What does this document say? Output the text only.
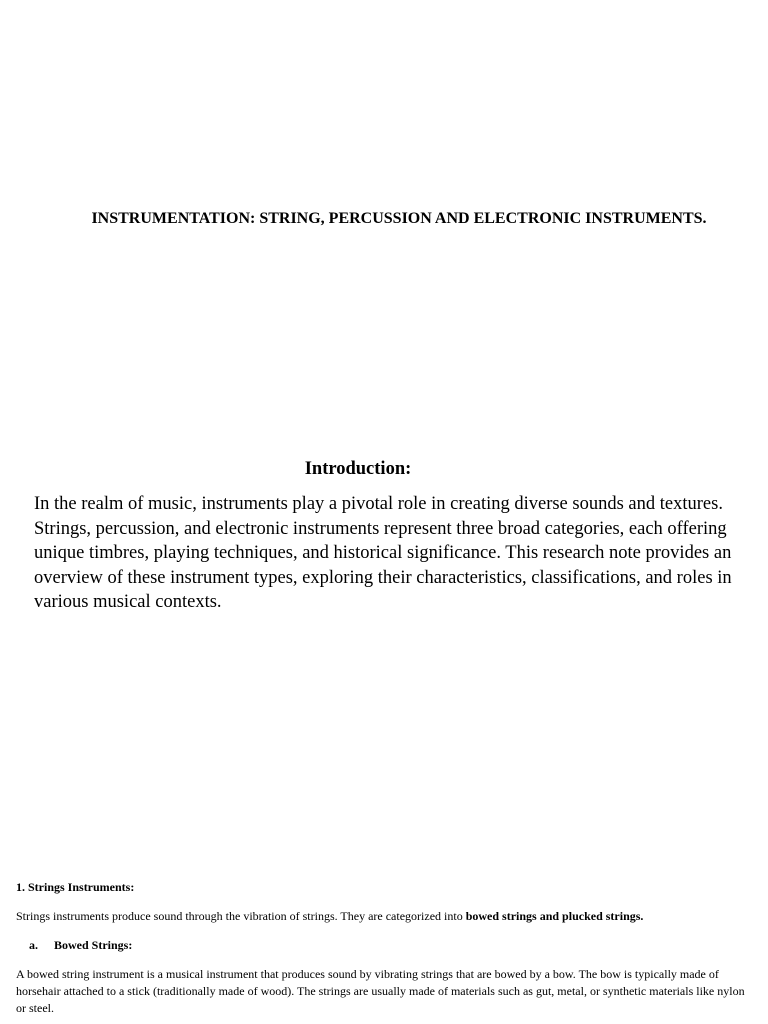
INSTRUMENTATION: STRING, PERCUSSION AND ELECTRONIC INSTRUMENTS.
Introduction:

In the realm of music, instruments play a pivotal role in creating diverse sounds and textures. Strings, percussion, and electronic instruments represent three broad categories, each offering unique timbres, playing techniques, and historical significance. This research note provides an overview of these instrument types, exploring their characteristics, classifications, and roles in various musical contexts.

1. Strings Instruments:

Strings instruments produce sound through the vibration of strings. They are categorized into bowed strings and plucked strings.

a. Bowed Strings:

A bowed string instrument is a musical instrument that produces sound by vibrating strings that are bowed by a bow. The bow is typically made of horsehair attached to a stick (traditionally made of wood). The strings are usually made of materials such as gut, metal, or synthetic materials like nylon or steel.
